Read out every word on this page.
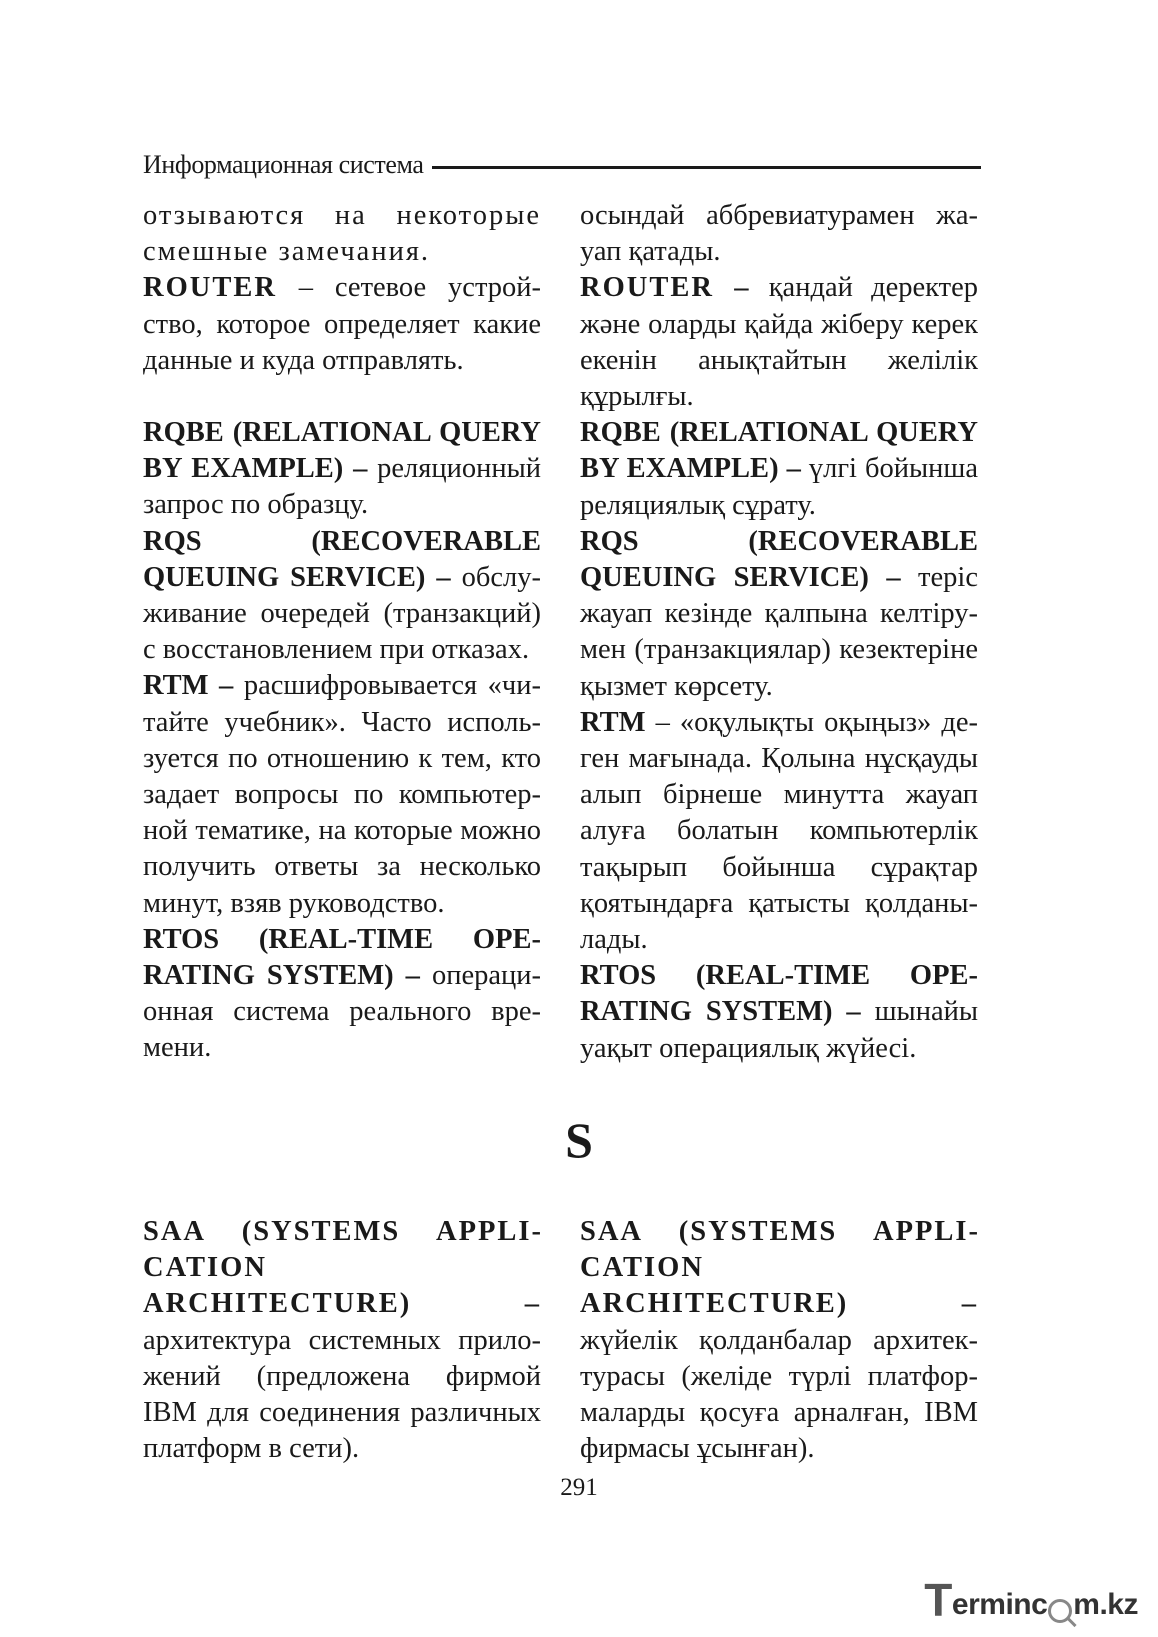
Информационная система

отзываются на некоторые смешные замечания.

ROUTER – сетевое устройство, которое определяет какие данные и куда отправлять.

RQBE (RELATIONAL QUERY BY EXAMPLE) – реляционный запрос по образцу.

RQS (RECOVERABLE QUEUING SERVICE) – обслуживание очередей (транзакций) с восстановлением при отказах.

RTM – расшифровывается «читайте учебник». Часто используется по отношению к тем, кто задает вопросы по компьютерной тематике, на которые можно получить ответы за несколько минут, взяв руководство.

RTOS (REAL-TIME OPERATING SYSTEM) – операционная система реального времени.

осындай аббревиатурамен жауап қатады.

ROUTER – қандай деректер және оларды қайда жіберу керек екенін анықтайтын желілік құрылғы.

RQBE (RELATIONAL QUERY BY EXAMPLE) – үлгі бойынша реляциялық сұрату.

RQS (RECOVERABLE QUEUING SERVICE) – теріс жауап кезінде қалпына келтірумен (транзакциялар) кезектеріне қызмет көрсету.

RTM – «оқулықты оқыңыз» деген мағынада. Қолына нұсқауды алып бірнеше минутта жауап алуға болатын компьютерлік тақырып бойынша сұрақтар қоятындарға қатысты қолданылады.

RTOS (REAL-TIME OPERATING SYSTEM) – шынайы уақыт операциялық жүйесі.

S

SAA (SYSTEMS APPLICATION ARCHITECTURE) – архитектура системных приложений (предложена фирмой IBM для соединения различных платформ в сети).

SAA (SYSTEMS APPLICATION ARCHITECTURE) – жүйелік қолданбалар архитектурасы (желіде түрлі платформаларды қосуға арналған, IBM фирмасы ұсынған).

291
T erminc m.kz
